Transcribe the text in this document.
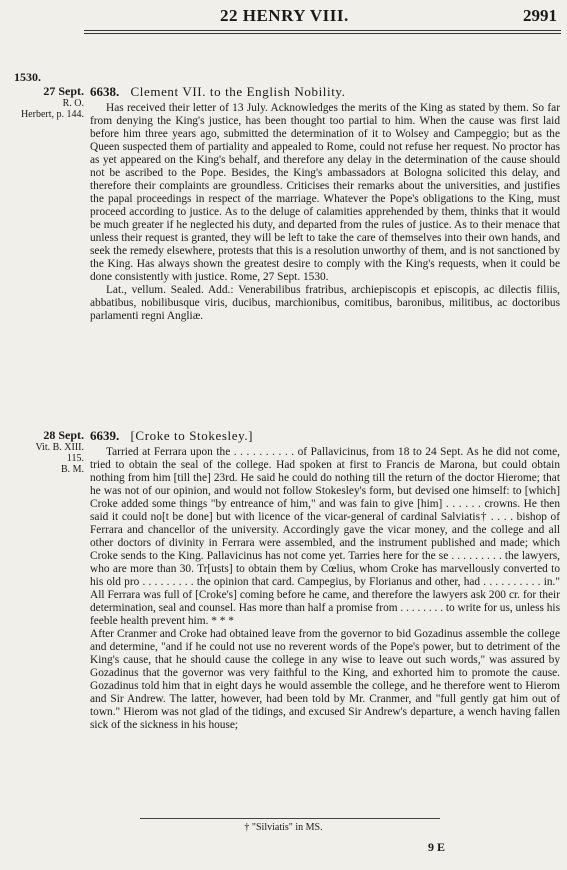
22 HENRY VIII.	2991
1530.
27 Sept.
R. O.
Herbert, p. 144.
6638. Clement VII. to the English Nobility.

Has received their letter of 13 July. Acknowledges the merits of the King as stated by them. So far from denying the King's justice, has been thought too partial to him. When the cause was first laid before him three years ago, submitted the determination of it to Wolsey and Campeggio; but as the Queen suspected them of partiality and appealed to Rome, could not refuse her request. No proctor has as yet appeared on the King's behalf, and therefore any delay in the determination of the cause should not be ascribed to the Pope. Besides, the King's ambassadors at Bologna solicited this delay, and therefore their complaints are groundless. Criticises their remarks about the universities, and justifies the papal proceedings in respect of the marriage. Whatever the Pope's obligations to the King, must proceed according to justice. As to the deluge of calamities apprehended by them, thinks that it would be much greater if he neglected his duty, and departed from the rules of justice. As to their menace that unless their request is granted, they will be left to take the care of themselves into their own hands, and seek the remedy elsewhere, protests that this is a resolution unworthy of them, and is not sanctioned by the King. Has always shown the greatest desire to comply with the King's requests, when it could be done consistently with justice. Rome, 27 Sept. 1530.

Lat., vellum. Sealed. Add.: Venerabilibus fratribus, archiepiscopis et episcopis, ac dilectis filiis, abbatibus, nobilibusque viris, ducibus, marchionibus, comitibus, baronibus, militibus, ac doctoribus parlamenti regni Angliæ.

28 Sept.
Vit. B. XIII.
115.
B. M.
6639. [Croke to Stokesley.]

Tarried at Ferrara upon the . . . . . . . . . . of Pallavicinus, from 18 to 24 Sept. As he did not come, tried to obtain the seal of the college. Had spoken at first to Francis de Marona, but could obtain nothing from him [till the] 23rd. He said he could do nothing till the return of the doctor Hierome; that he was not of our opinion, and would not follow Stokesley's form, but devised one himself: to [which] Croke added some things "by entreance of him," and was fain to give [him] . . . . . . crowns. He then said it could no[t be done] but with licence of the vicar-general of cardinal Salviatis† . . . . bishop of Ferrara and chancellor of the university. Accordingly gave the vicar money, and the college and all other doctors of divinity in Ferrara were assembled, and the instrument published and made; which Croke sends to the King. Pallavicinus has not come yet. Tarries here for the se . . . . . . . . . the lawyers, who are more than 30. Tr[usts] to obtain them by Cœlius, whom Croke has marvellously converted to his old pro . . . . . . . . . the opinion that card. Campegius, by Florianus and other, had . . . . . . . . . . in." All Ferrara was full of [Croke's] coming before he came, and therefore the lawyers ask 200 cr. for their determination, seal and counsel. Has more than half a promise from . . . . . . . . to write for us, unless his feeble health prevent him. * * *

After Cranmer and Croke had obtained leave from the governor to bid Gozadinus assemble the college and determine, "and if he could not use no reverent words of the Pope's power, but to detriment of the King's cause, that he should cause the college in any wise to leave out such words," was assured by Gozadinus that the governor was very faithful to the King, and exhorted him to promote the cause. Gozadinus told him that in eight days he would assemble the college, and he therefore went to Hierom and Sir Andrew. The latter, however, had been told by Mr. Cranmer, and "full gently gat him out of town." Hierom was not glad of the tidings, and excused Sir Andrew's departure, a wench having fallen sick of the sickness in his house;

† "Silviatis" in MS.
9 E
